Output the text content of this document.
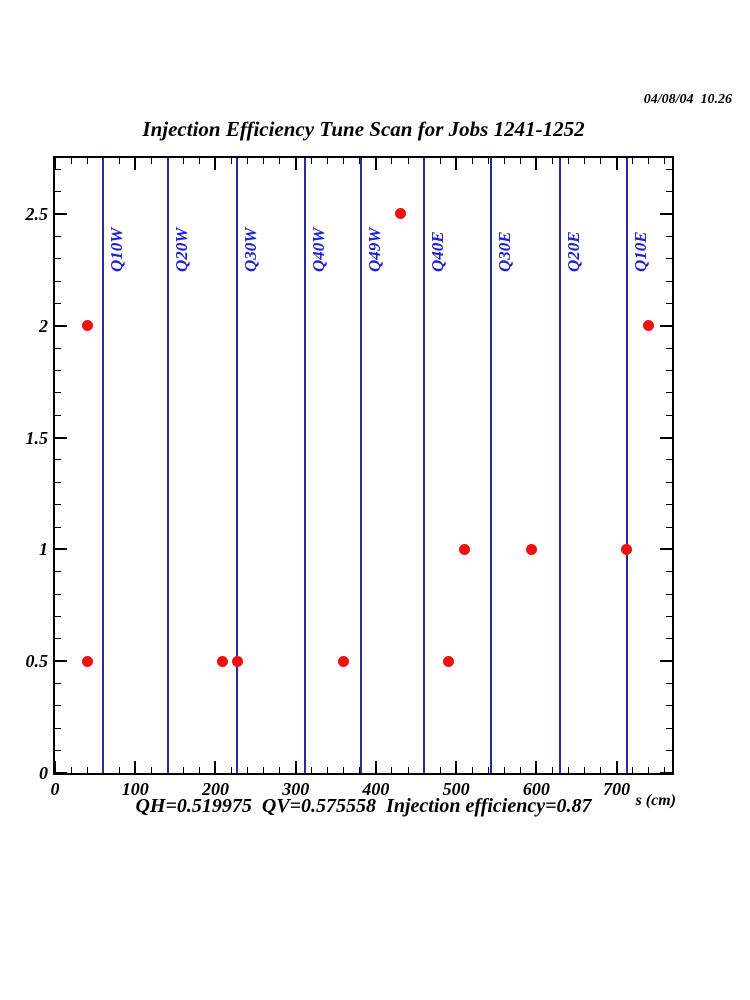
04/08/04  10.26
Injection Efficiency Tune Scan for Jobs 1241-1252
s (cm)
QH=0.519975  QV=0.575558  Injection efficiency=0.87
0	100	200	300	400	500	600	700
0
0.5
1
1.5
2
2.5
Q10W	Q20W	Q30W	Q40W Q49W	Q40E	Q30E	Q20E	Q10E
